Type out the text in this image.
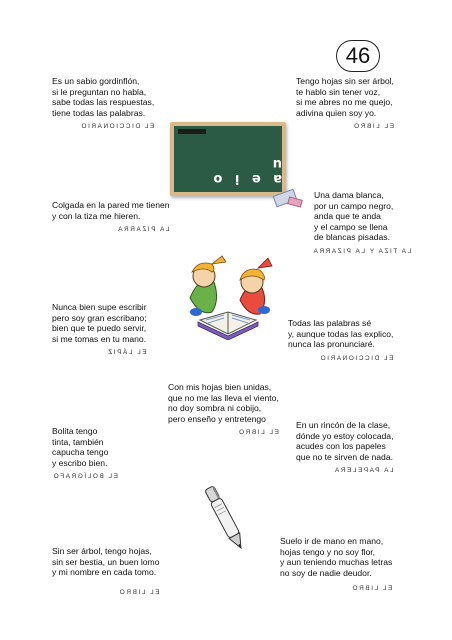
46
Es un sabio gordinflón,
si le preguntan no habla,
sabe todas las respuestas,
tiene todas las palabras.
EL DICCIONARIO
Tengo hojas sin ser árbol,
te hablo sin tener voz,
si me abres no me quejo,
adivina quien soy yo.
EL LIBRO
a e i o u
Colgada en la pared me tienen
y con la tiza me hieren.
LA PIZARRA
Una dama blanca,
por un campo negro,
anda que te anda
y el campo se llena
de blancas pisadas.
LA TIZA Y LA PIZARRA
Nunca bien supe escribir
pero soy gran escribano;
bien que te puedo servir,
si me tomas en tu mano.
EL LÁPIZ
Todas las palabras sé
y, aunque todas las explico,
nunca las pronunciaré.
EL DICCIONARIO
Con mis hojas bien unidas,
que no me las lleva el viento,
no doy sombra ni cobijo,
pero enseño y entretengo
EL LIBRO
Bolita tengo
tinta, también
capucha tengo
y escribo bien.
EL BOLÍGRAFO
En un rincón de la clase,
dónde yo estoy colocada,
acudes con los papeles
que no te sirven de nada.
LA PAPELERA
Sin ser árbol, tengo hojas,
sin ser bestia, un buen lomo
y mi nombre en cada tomo.
EL LIBRO
Suelo ir de mano en mano,
hojas tengo y no soy flor,
y aun teniendo muchas letras
no soy de nadie deudor.
EL LIBRO
